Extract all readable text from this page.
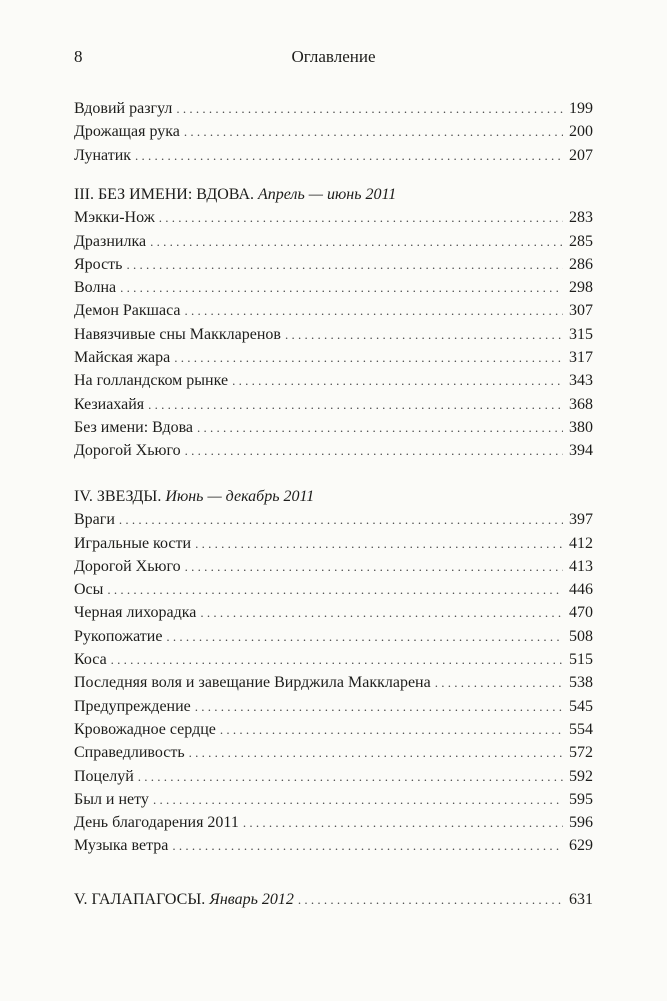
8	Оглавление
Вдовий разгул . . .	199
Дрожащая рука . . .	200
Лунатик . . .	207
III. БЕЗ ИМЕНИ: ВДОВА. Апрель — июнь 2011
Мэкки-Нож . . .	283
Дразнилка . . .	285
Ярость . . .	286
Волна . . .	298
Демон Ракшаса . . .	307
Навязчивые сны Маккларенов . . .	315
Майская жара . . .	317
На голландском рынке . . .	343
Кезиахайя . . .	368
Без имени: Вдова . . .	380
Дорогой Хьюго . . .	394
IV. ЗВЕЗДЫ. Июнь — декабрь 2011
Враги . . .	397
Игральные кости . . .	412
Дорогой Хьюго . . .	413
Осы . . .	446
Черная лихорадка . . .	470
Рукопожатие . . .	508
Коса . . .	515
Последняя воля и завещание Вирджила Маккларена . . .	538
Предупреждение . . .	545
Кровожадное сердце . . .	554
Справедливость . . .	572
Поцелуй . . .	592
Был и нету . . .	595
День благодарения 2011 . . .	596
Музыка ветра . . .	629
V. ГАЛАПАГОСЫ. Январь 2012 . . .	631
